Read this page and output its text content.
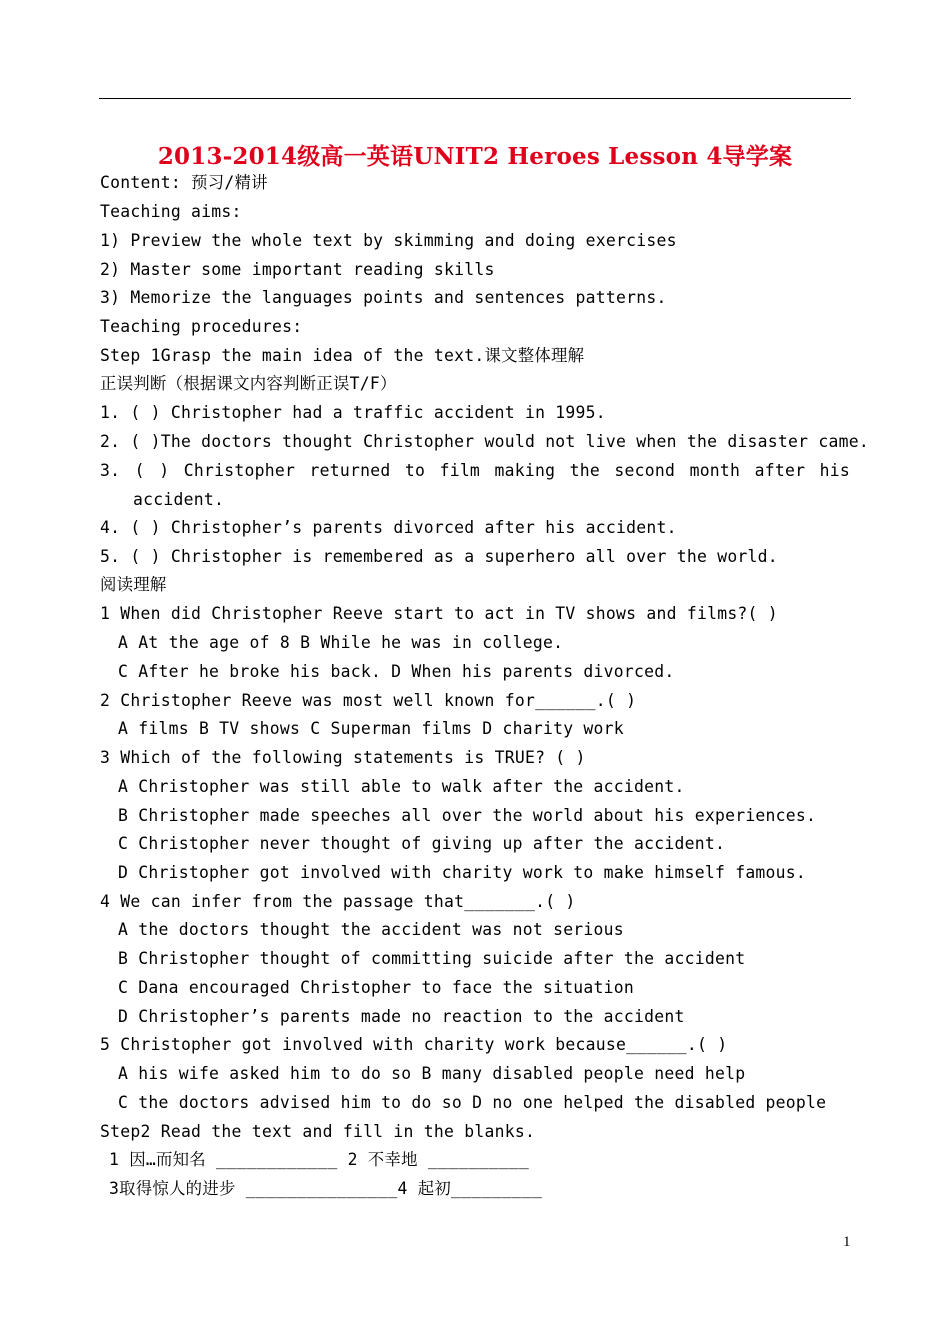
2013-2014级高一英语UNIT2 Heroes Lesson 4导学案
Content: 预习/精讲
Teaching aims:
1) Preview the whole text by skimming and doing exercises
2) Master some important reading skills
3) Memorize the languages points and sentences patterns.
Teaching procedures:
Step 1Grasp the main idea of the text.课文整体理解
正误判断（根据课文内容判断正误T/F）
1. ( ) Christopher had a traffic accident in 1995.
2. ( )The doctors thought Christopher would not live when the disaster came.
3. ( ) Christopher returned to film making the second month after his
accident.
4. ( ) Christopher’s parents divorced after his accident.
5. ( ) Christopher is remembered as a superhero all over the world.
阅读理解
1 When did Christopher Reeve start to act in TV shows and films?( )
A At the age of 8 B While he was in college.
C After he broke his back. D When his parents divorced.
2 Christopher Reeve was most well known for______.( )
A films B TV shows C Superman films D charity work
3 Which of the following statements is TRUE? ( )
A Christopher was still able to walk after the accident.
B Christopher made speeches all over the world about his experiences.
C Christopher never thought of giving up after the accident.
D Christopher got involved with charity work to make himself famous.
4 We can infer from the passage that_______.( )
A the doctors thought the accident was not serious
B Christopher thought of committing suicide after the accident
C Dana encouraged Christopher to face the situation
D Christopher’s parents made no reaction to the accident
5 Christopher got involved with charity work because______.( )
A his wife asked him to do so B many disabled people need help
C the doctors advised him to do so D no one helped the disabled people
Step2 Read the text and fill in the blanks.
1 因…而知名 ____________ 2 不幸地 __________
3取得惊人的进步 _______________4 起初_________
1
